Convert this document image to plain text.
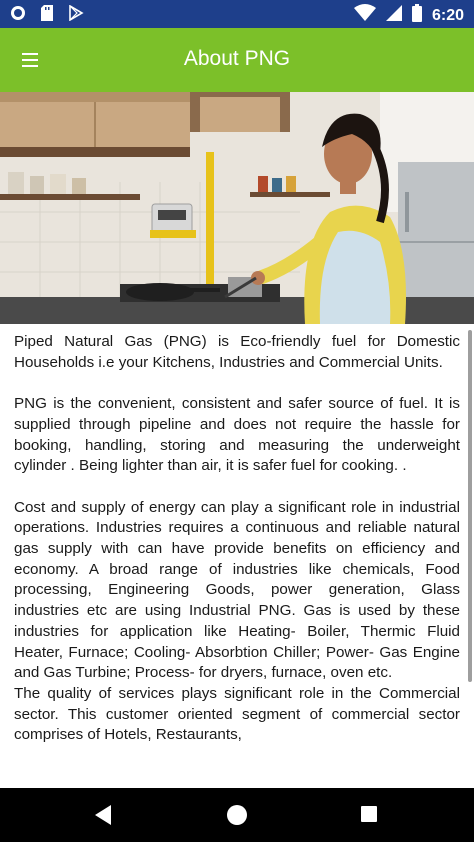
6:20
About PNG

Piped Natural Gas (PNG) is Eco-friendly fuel for Domestic Households i.e your Kitchens, Industries and Commercial Units.

PNG is the convenient, consistent and safer source of fuel. It is supplied through pipeline and does not require the hassle for booking, handling, storing and measuring the underweight cylinder . Being lighter than air, it is safer fuel for cooking. .

Cost and supply of energy can play a significant role in industrial operations. Industries requires a continuous and reliable natural gas supply with can have provide benefits on efficiency and economy. A broad range of industries like chemicals, Food processing, Engineering Goods, power generation, Glass industries etc are using Industrial PNG. Gas is used by these industries for application like Heating- Boiler, Thermic Fluid Heater, Furnace; Cooling- Absorbtion Chiller; Power- Gas Engine and Gas Turbine; Process- for dryers, furnace, oven etc.

The quality of services plays significant role in the Commercial sector. This customer oriented segment of commercial sector comprises of Hotels, Restaurants,
